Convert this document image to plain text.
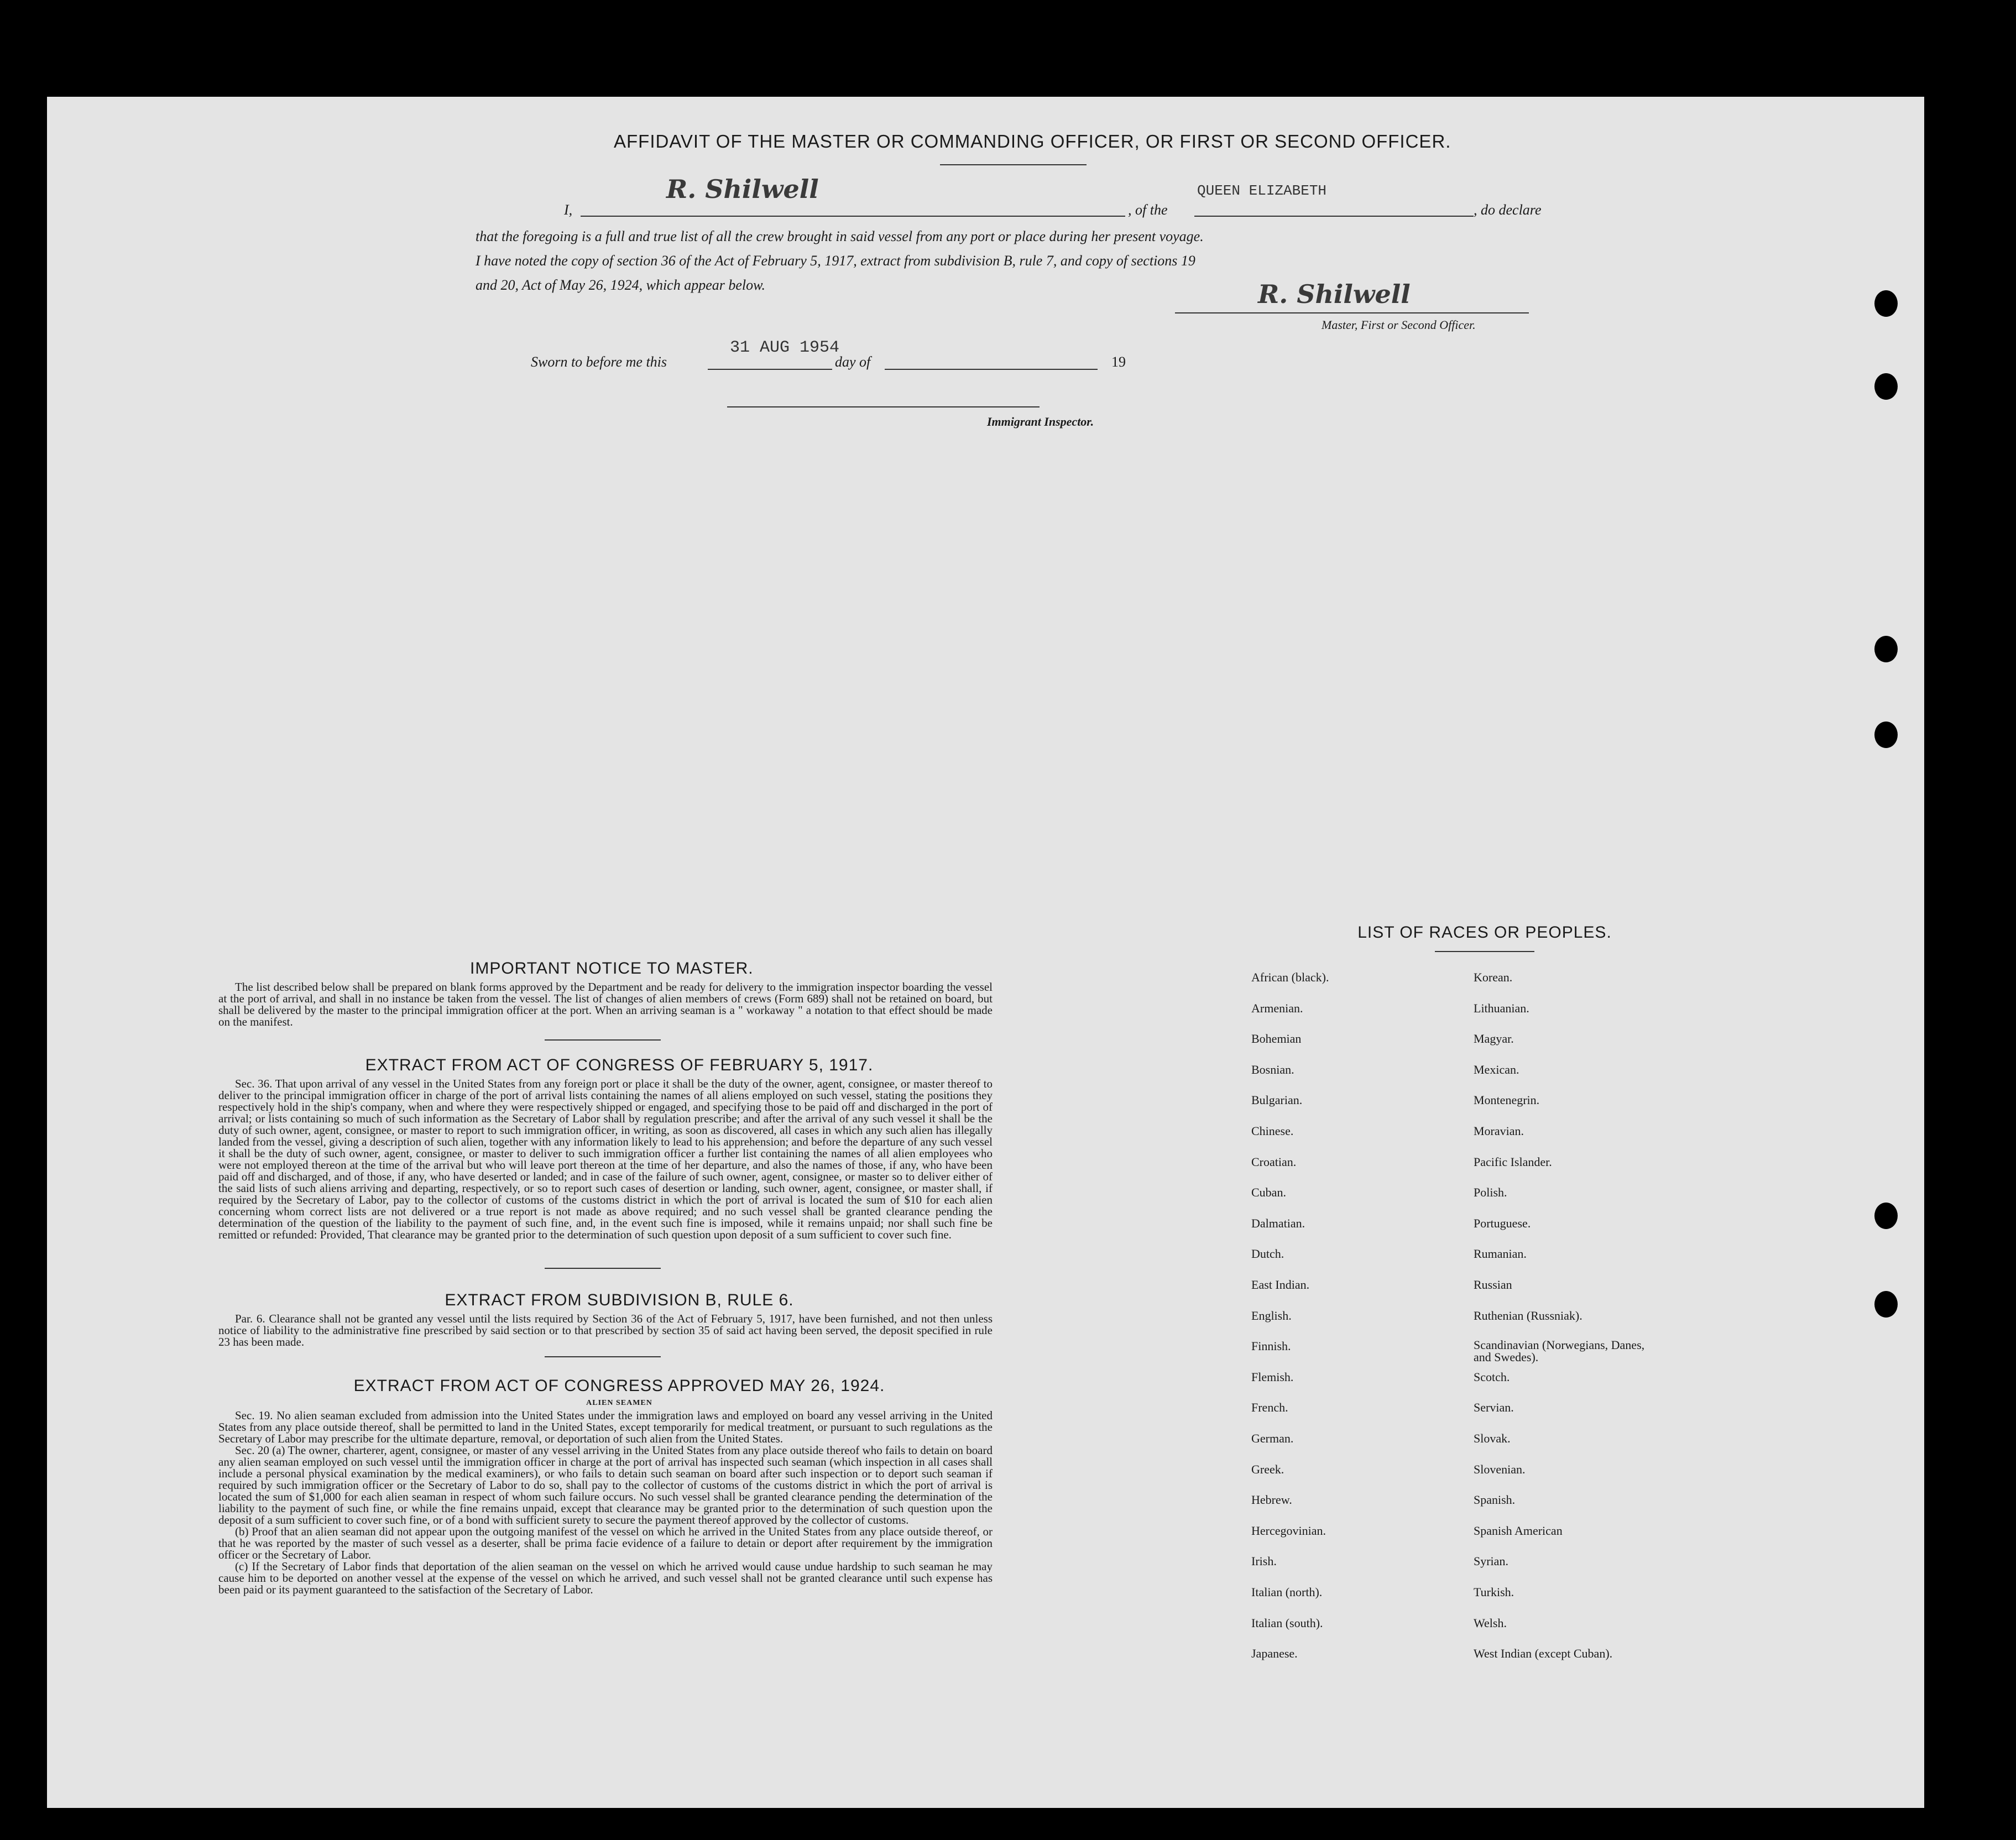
AFFIDAVIT OF THE MASTER OR COMMANDING OFFICER, OR FIRST OR SECOND OFFICER.
I,
R. Shilwell
, of the
QUEEN ELIZABETH
, do declare
that the foregoing is a full and true list of all the crew brought in said vessel from any port or place during her present voyage.
I have noted the copy of section 36 of the Act of February 5, 1917, extract from subdivision B, rule 7, and copy of sections 19
and 20, Act of May 26, 1924, which appear below.	R. Shilwell
Master, First or Second Officer.
Sworn to before me this
31 AUG 1954
day of	19
Immigrant Inspector.
IMPORTANT NOTICE TO MASTER.

The list described below shall be prepared on blank forms approved by the Department and be ready for delivery to the immigration inspector boarding the vessel at the port of arrival, and shall in no instance be taken from the vessel. The list of changes of alien members of crews (Form 689) shall not be retained on board, but shall be delivered by the master to the principal immigration officer at the port. When an arriving seaman is a " workaway " a notation to that effect should be made on the manifest.

EXTRACT FROM ACT OF CONGRESS OF FEBRUARY 5, 1917.

Sec. 36. That upon arrival of any vessel in the United States from any foreign port or place it shall be the duty of the owner, agent, consignee, or master thereof to deliver to the principal immigration officer in charge of the port of arrival lists containing the names of all aliens employed on such vessel, stating the positions they respectively hold in the ship's company, when and where they were respectively shipped or engaged, and specifying those to be paid off and discharged in the port of arrival; or lists containing so much of such information as the Secretary of Labor shall by regulation prescribe; and after the arrival of any such vessel it shall be the duty of such owner, agent, consignee, or master to report to such immigration officer, in writing, as soon as discovered, all cases in which any such alien has illegally landed from the vessel, giving a description of such alien, together with any information likely to lead to his apprehension; and before the departure of any such vessel it shall be the duty of such owner, agent, consignee, or master to deliver to such immigration officer a further list containing the names of all alien employees who were not employed thereon at the time of the arrival but who will leave port thereon at the time of her departure, and also the names of those, if any, who have been paid off and discharged, and of those, if any, who have deserted or landed; and in case of the failure of such owner, agent, consignee, or master so to deliver either of the said lists of such aliens arriving and departing, respectively, or so to report such cases of desertion or landing, such owner, agent, consignee, or master shall, if required by the Secretary of Labor, pay to the collector of customs of the customs district in which the port of arrival is located the sum of $10 for each alien concerning whom correct lists are not delivered or a true report is not made as above required; and no such vessel shall be granted clearance pending the determination of the question of the liability to the payment of such fine, and, in the event such fine is imposed, while it remains unpaid; nor shall such fine be remitted or refunded: Provided, That clearance may be granted prior to the determination of such question upon deposit of a sum sufficient to cover such fine.

EXTRACT FROM SUBDIVISION B, RULE 6.

Par. 6. Clearance shall not be granted any vessel until the lists required by Section 36 of the Act of February 5, 1917, have been furnished, and not then unless notice of liability to the administrative fine prescribed by said section or to that prescribed by section 35 of said act having been served, the deposit specified in rule 23 has been made.

EXTRACT FROM ACT OF CONGRESS APPROVED MAY 26, 1924.
ALIEN SEAMEN

Sec. 19. No alien seaman excluded from admission into the United States under the immigration laws and employed on board any vessel arriving in the United States from any place outside thereof, shall be permitted to land in the United States, except temporarily for medical treatment, or pursuant to such regulations as the Secretary of Labor may prescribe for the ultimate departure, removal, or deportation of such alien from the United States.

Sec. 20 (a) The owner, charterer, agent, consignee, or master of any vessel arriving in the United States from any place outside thereof who fails to detain on board any alien seaman employed on such vessel until the immigration officer in charge at the port of arrival has inspected such seaman (which inspection in all cases shall include a personal physical examination by the medical examiners), or who fails to detain such seaman on board after such inspection or to deport such seaman if required by such immigration officer or the Secretary of Labor to do so, shall pay to the collector of customs of the customs district in which the port of arrival is located the sum of $1,000 for each alien seaman in respect of whom such failure occurs. No such vessel shall be granted clearance pending the determination of the liability to the payment of such fine, or while the fine remains unpaid, except that clearance may be granted prior to the determination of such question upon the deposit of a sum sufficient to cover such fine, or of a bond with sufficient surety to secure the payment thereof approved by the collector of customs.

(b) Proof that an alien seaman did not appear upon the outgoing manifest of the vessel on which he arrived in the United States from any place outside thereof, or that he was reported by the master of such vessel as a deserter, shall be prima facie evidence of a failure to detain or deport after requirement by the immigration officer or the Secretary of Labor.

(c) If the Secretary of Labor finds that deportation of the alien seaman on the vessel on which he arrived would cause undue hardship to such seaman he may cause him to be deported on another vessel at the expense of the vessel on which he arrived, and such vessel shall not be granted clearance until such expense has been paid or its payment guaranteed to the satisfaction of the Secretary of Labor.

LIST OF RACES OR PEOPLES.
African (black).
Armenian.
Bohemian
Bosnian.
Bulgarian.
Chinese.
Croatian.
Cuban.
Dalmatian.
Dutch.
East Indian.
English.
Finnish.
Flemish.
French.
German.
Greek.
Hebrew.
Hercegovinian.
Irish.
Italian (north).
Italian (south).
Japanese.
Korean.
Lithuanian.
Magyar.
Mexican.
Montenegrin.
Moravian.
Pacific Islander.
Polish.
Portuguese.
Rumanian.
Russian
Ruthenian (Russniak).
Scandinavian (Norwegians, Danes, and Swedes).
Scotch.
Servian.
Slovak.
Slovenian.
Spanish.
Spanish American
Syrian.
Turkish.
Welsh.
West Indian (except Cuban).
